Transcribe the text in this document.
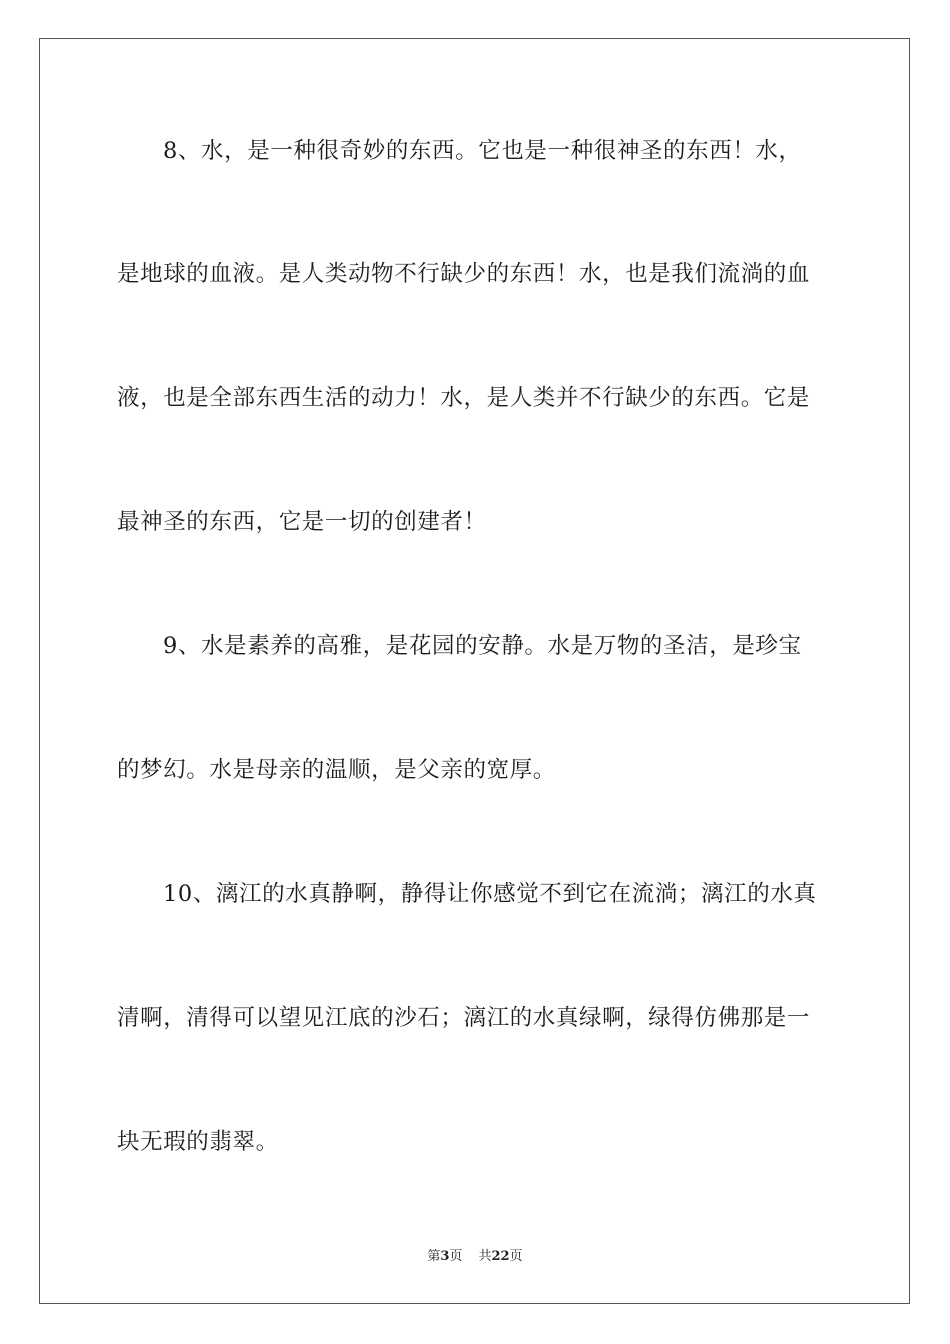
8、水，是一种很奇妙的东西。它也是一种很神圣的东西！水，
是地球的血液。是人类动物不行缺少的东西！水，也是我们流淌的血
液，也是全部东西生活的动力！水，是人类并不行缺少的东西。它是
最神圣的东西，它是一切的创建者！
9、水是素养的高雅，是花园的安静。水是万物的圣洁，是珍宝
的梦幻。水是母亲的温顺，是父亲的宽厚。
10、漓江的水真静啊，静得让你感觉不到它在流淌；漓江的水真
清啊，清得可以望见江底的沙石；漓江的水真绿啊，绿得仿佛那是一
块无瑕的翡翠。
第3页 共22页
